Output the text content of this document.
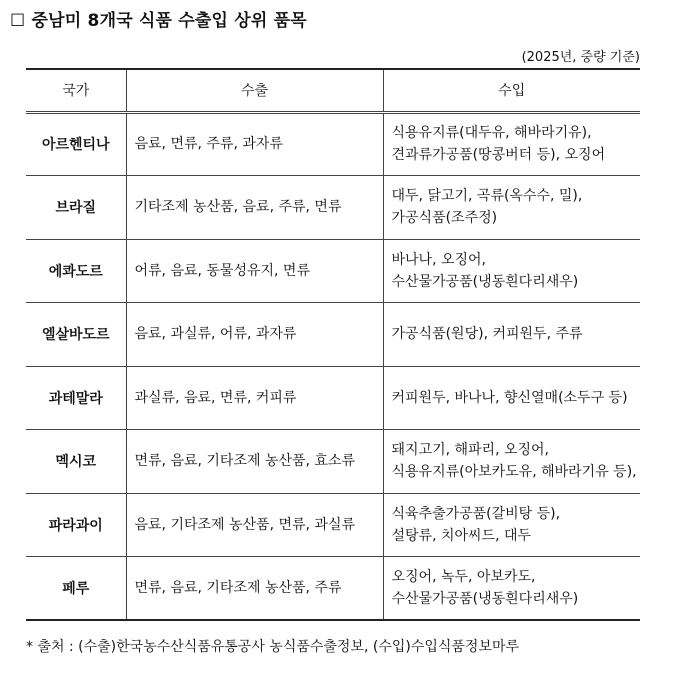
☐ 중남미 8개국 식품 수출입 상위 품목
(2025년, 중량 기준)
국가	수출	수입
아르헨티나	음료, 면류, 주류, 과자류	식용유지류(대두유, 해바라기유),
견과류가공품(땅콩버터 등), 오징어

브라질	기타조제 농산품, 음료, 주류, 면류	대두, 닭고기, 곡류(옥수수, 밀),
가공식품(조주정)

에콰도르	어류, 음료, 동물성유지, 면류	바나나, 오징어,
수산물가공품(냉동흰다리새우)

엘살바도르	음료, 과실류, 어류, 과자류	가공식품(원당), 커피원두, 주류

과테말라	과실류, 음료, 면류, 커피류	커피원두, 바나나, 향신열매(소두구 등)

멕시코	면류, 음료, 기타조제 농산품, 효소류	돼지고기, 해파리, 오징어,
식용유지류(아보카도유, 해바라기유 등),

파라과이	음료, 기타조제 농산품, 면류, 과실류	식육추출가공품(갈비탕 등),
설탕류, 치아씨드, 대두

페루	면류, 음료, 기타조제 농산품, 주류	오징어, 녹두, 아보카도,
수산물가공품(냉동흰다리새우)
* 출처 : (수출)한국농수산식품유통공사 농식품수출정보, (수입)수입식품정보마루
